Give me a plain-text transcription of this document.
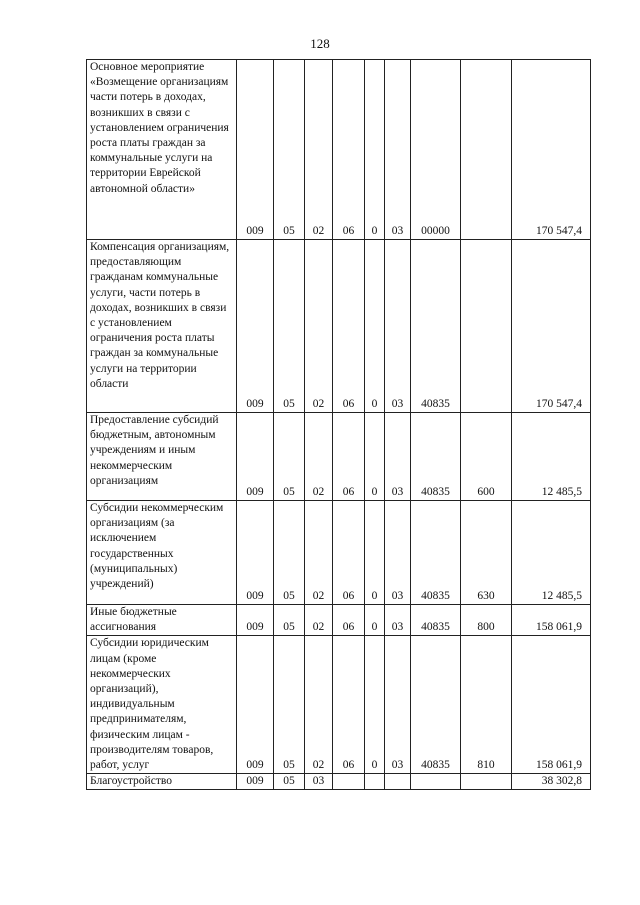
128
Основное мероприятие «Возмещение организациям части потерь в доходах, возникших в связи с установлением ограничения роста платы граждан за коммунальные услуги на территории Еврейской автономной области»	009	05	02	06	0	03	00000		170 547,4
Компенсация организациям, предоставляющим гражданам коммунальные услуги, части потерь в доходах, возникших в связи с установлением ограничения роста платы граждан за коммунальные услуги на территории области	009	05	02	06	0	03	40835		170 547,4
Предоставление субсидий бюджетным, автономным учреждениям и иным некоммерческим организациям	009	05	02	06	0	03	40835	600	12 485,5
Субсидии некоммерческим организациям (за исключением государственных (муниципальных) учреждений)	009	05	02	06	0	03	40835	630	12 485,5
Иные бюджетные ассигнования	009	05	02	06	0	03	40835	800	158 061,9
Субсидии юридическим лицам (кроме некоммерческих организаций), индивидуальным предпринимателям, физическим лицам - производителям товаров, работ, услуг	009	05	02	06	0	03	40835	810	158 061,9
Благоустройство	009	05	03						38 302,8
